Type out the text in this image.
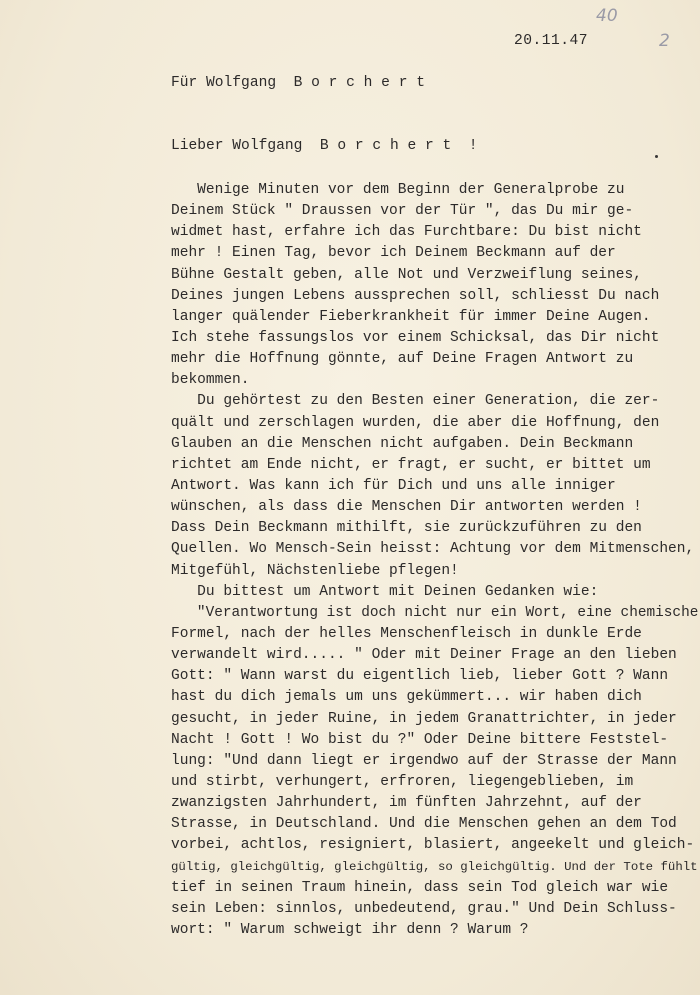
40
2
20.11.47
Für Wolfgang  B o r c h e r t
Lieber Wolfgang  B o r c h e r t  !
Wenige Minuten vor dem Beginn der Generalprobe zu
Deinem Stück " Draussen vor der Tür ", das Du mir ge-
widmet hast, erfahre ich das Furchtbare: Du bist nicht
mehr ! Einen Tag, bevor ich Deinem Beckmann auf der
Bühne Gestalt geben, alle Not und Verzweiflung seines,
Deines jungen Lebens aussprechen soll, schliesst Du nach
langer quälender Fieberkrankheit für immer Deine Augen.
Ich stehe fassungslos vor einem Schicksal, das Dir nicht
mehr die Hoffnung gönnte, auf Deine Fragen Antwort zu
bekommen.
Du gehörtest zu den Besten einer Generation, die zer-
quält und zerschlagen wurden, die aber die Hoffnung, den
Glauben an die Menschen nicht aufgaben. Dein Beckmann
richtet am Ende nicht, er fragt, er sucht, er bittet um
Antwort. Was kann ich für Dich und uns alle inniger
wünschen, als dass die Menschen Dir antworten werden !
Dass Dein Beckmann mithilft, sie zurückzuführen zu den
Quellen. Wo Mensch-Sein heisst: Achtung vor dem Mitmenschen,
Mitgefühl, Nächstenliebe pflegen!
Du bittest um Antwort mit Deinen Gedanken wie:
"Verantwortung ist doch nicht nur ein Wort, eine chemische
Formel, nach der helles Menschenfleisch in dunkle Erde
verwandelt wird..... " Oder mit Deiner Frage an den lieben
Gott: " Wann warst du eigentlich lieb, lieber Gott ? Wann
hast du dich jemals um uns gekümmert... wir haben dich
gesucht, in jeder Ruine, in jedem Granattrichter, in jeder
Nacht ! Gott ! Wo bist du ?" Oder Deine bittere Feststel-
lung: "Und dann liegt er irgendwo auf der Strasse der Mann
und stirbt, verhungert, erfroren, liegengeblieben, im
zwanzigsten Jahrhundert, im fünften Jahrzehnt, auf der
Strasse, in Deutschland. Und die Menschen gehen an dem Tod
vorbei, achtlos, resigniert, blasiert, angeekelt und gleich-
gültig, gleichgültig, gleichgültig, so gleichgültig. Und der Tote fühlt
tief in seinen Traum hinein, dass sein Tod gleich war wie
sein Leben: sinnlos, unbedeutend, grau." Und Dein Schluss-
wort: " Warum schweigt ihr denn ? Warum ?
